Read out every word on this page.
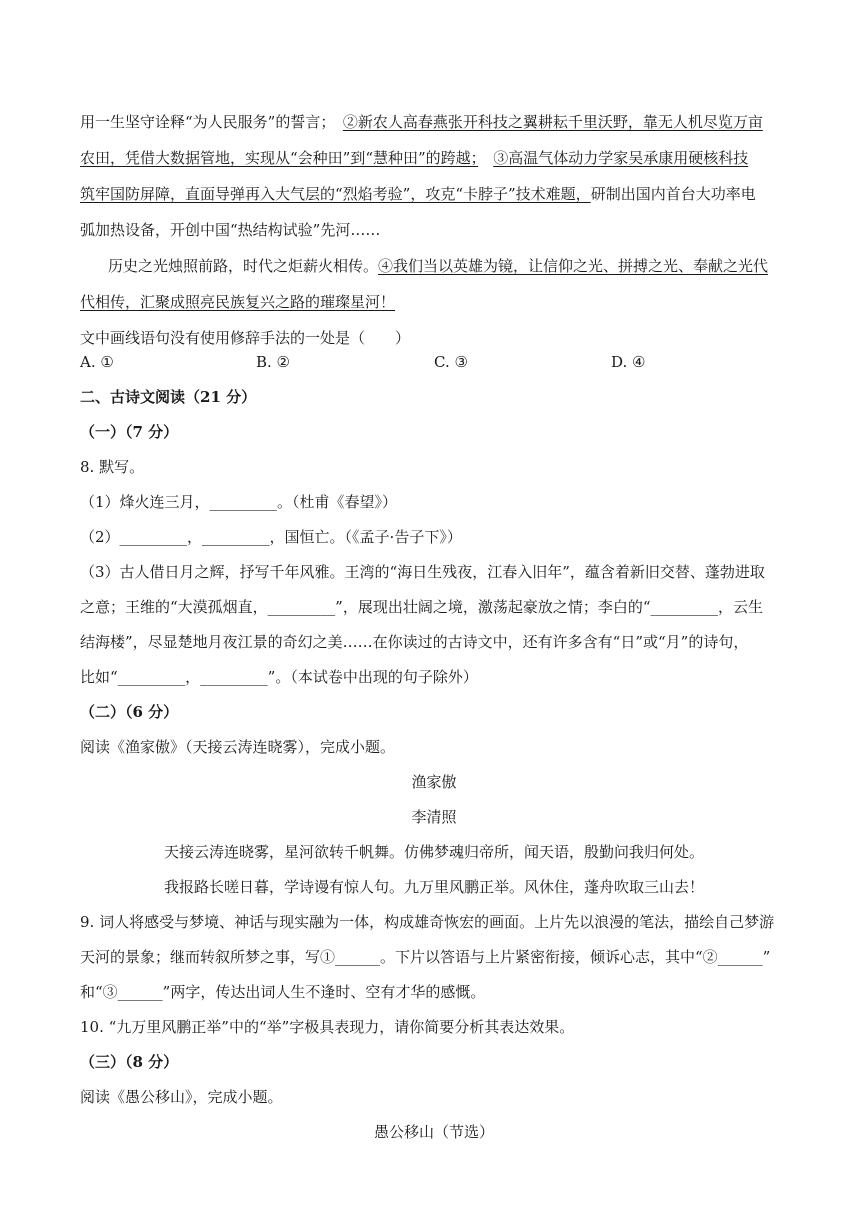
用一生坚守诠释“为人民服务”的誓言；　 ②新农人高春燕张开科技之翼耕耘千里沃野，靠无人机尽览万亩
农田，凭借大数据管地，实现从“会种田”到“慧种田”的跨越；　 ③高温气体动力学家吴承康用硬核科技
筑牢国防屏障，直面导弹再入大气层的“烈焰考验”，攻克“卡脖子”技术难题，研制出国内首台大功率电
弧加热设备，开创中国“热结构试验”先河……
历史之光烛照前路，时代之炬薪火相传。④我们当以英雄为镜，让信仰之光、拼搏之光、奉献之光代
代相传，汇聚成照亮民族复兴之路的璀璨星河！
文中画线语句没有使用修辞手法的一处是（　　）
A. ①	B. ②	C. ③	D. ④
二、古诗文阅读（21 分）
（一）（7 分）
8. 默写。
（1）烽火连三月，_________。（杜甫《春望》）
（2）_________，_________，国恒亡。（《孟子·告子下》）
（3）古人借日月之辉，抒写千年风雅。王湾的“海日生残夜，江春入旧年”，蕴含着新旧交替、蓬勃进取
之意；王维的“大漠孤烟直，_________”，展现出壮阔之境，激荡起豪放之情；李白的“_________，云生
结海楼”，尽显楚地月夜江景的奇幻之美……在你读过的古诗文中，还有许多含有“日”或“月”的诗句，
比如“_________，_________”。（本试卷中出现的句子除外）
（二）（6 分）
阅读《渔家傲》（天接云涛连晓雾），完成小题。
渔家傲
李清照
天接云涛连晓雾，星河欲转千帆舞。仿佛梦魂归帝所，闻天语，殷勤问我归何处。
我报路长嗟日暮，学诗谩有惊人句。九万里风鹏正举。风休住，蓬舟吹取三山去！
9. 词人将感受与梦境、神话与现实融为一体，构成雄奇恢宏的画面。上片先以浪漫的笔法，描绘自己梦游
天河的景象；继而转叙所梦之事，写①______。下片以答语与上片紧密衔接，倾诉心志，其中“②______”
和“③______”两字，传达出词人生不逢时、空有才华的感慨。
10. “九万里风鹏正举”中的“举”字极具表现力，请你简要分析其表达效果。
（三）（8 分）
阅读《愚公移山》，完成小题。
愚公移山（节选）
